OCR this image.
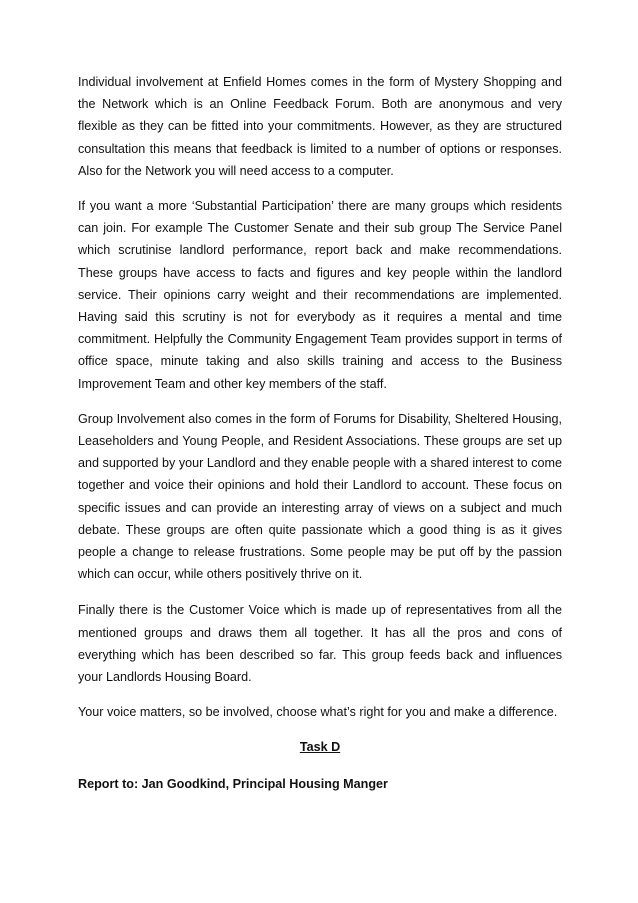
Individual involvement at Enfield Homes comes in the form of Mystery Shopping and the Network which is an Online Feedback Forum. Both are anonymous and very flexible as they can be fitted into your commitments. However, as they are structured consultation this means that feedback is limited to a number of options or responses. Also for the Network you will need access to a computer.

If you want a more ‘Substantial Participation’ there are many groups which residents can join. For example The Customer Senate and their sub group The Service Panel which scrutinise landlord performance, report back and make recommendations. These groups have access to facts and figures and key people within the landlord service. Their opinions carry weight and their recommendations are implemented. Having said this scrutiny is not for everybody as it requires a mental and time commitment. Helpfully the Community Engagement Team provides support in terms of office space, minute taking and also skills training and access to the Business Improvement Team and other key members of the staff.

Group Involvement also comes in the form of Forums for Disability, Sheltered Housing, Leaseholders and Young People, and Resident Associations. These groups are set up and supported by your Landlord and they enable people with a shared interest to come together and voice their opinions and hold their Landlord to account. These focus on specific issues and can provide an interesting array of views on a subject and much debate. These groups are often quite passionate which a good thing is as it gives people a change to release frustrations. Some people may be put off by the passion which can occur, while others positively thrive on it.

Finally there is the Customer Voice which is made up of representatives from all the mentioned groups and draws them all together. It has all the pros and cons of everything which has been described so far. This group feeds back and influences your Landlords Housing Board.

Your voice matters, so be involved, choose what’s right for you and make a difference.

Task D

Report to: Jan Goodkind, Principal Housing Manger
